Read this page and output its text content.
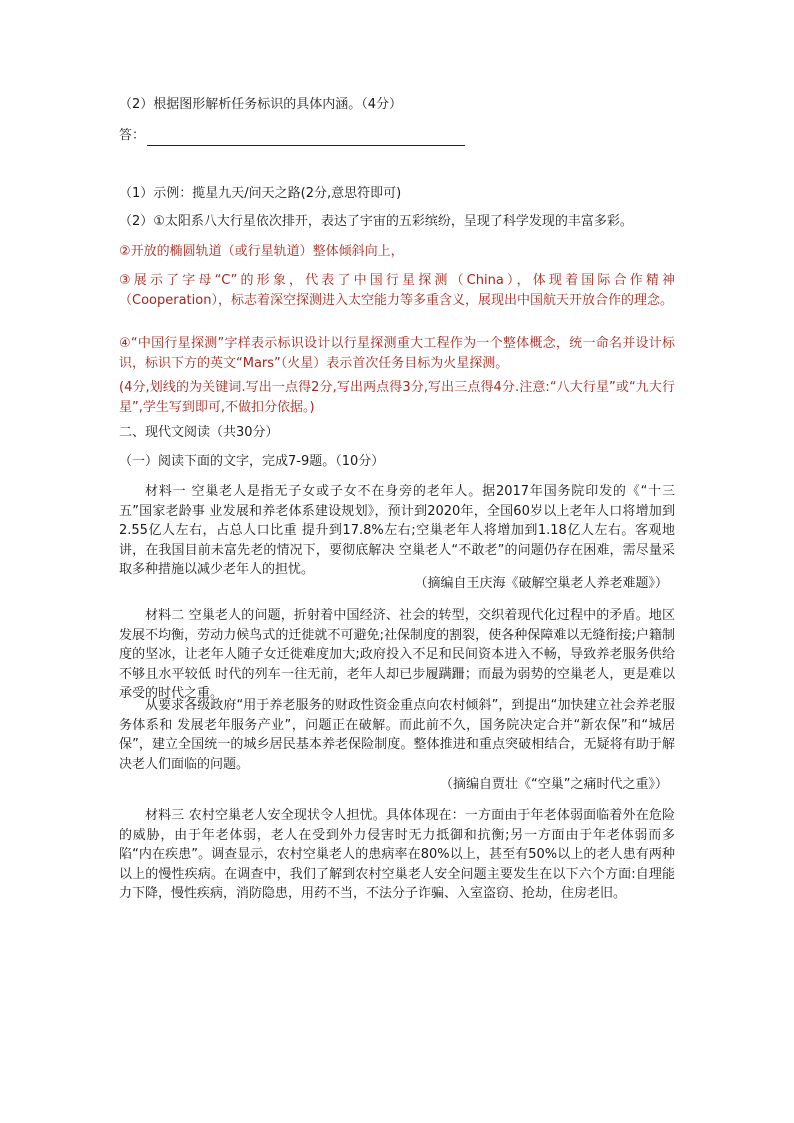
（2）根据图形解析任务标识的具体内涵。（4分）
答：
（1）示例：揽星九天/问天之路(2分,意思符即可)
（2）①太阳系八大行星依次排开，表达了宇宙的五彩缤纷，呈现了科学发现的丰富多彩。
②开放的椭圆轨道（或行星轨道）整体倾斜向上，
③展示了字母“C”的形象，代表了中国行星探测（China），体现着国际合作精神（Cooperation），标志着深空探测进入太空能力等多重含义，展现出中国航天开放合作的理念。
④“中国行星探测”字样表示标识设计以行星探测重大工程作为一个整体概念，统一命名并设计标识，标识下方的英文“Mars”（火星）表示首次任务目标为火星探测。
(4分,划线的为关键词.写出一点得2分,写出两点得3分,写出三点得4分.注意:“八大行星”或“九大行星”,学生写到即可,不做扣分依据。)
二、现代文阅读（共30分）
（一）阅读下面的文字，完成7-9题。（10分）
材料一 空巢老人是指无子女或子女不在身旁的老年人。据2017年国务院印发的《“十三五”国家老龄事 业发展和养老体系建设规划》，预计到2020年，全国60岁以上老年人口将增加到2.55亿人左右，占总人口比重 提升到17.8%左右;空巢老年人将增加到1.18亿人左右。客观地讲，在我国目前未富先老的情况下，要彻底解决 空巢老人“不敢老”的问题仍存在困难，需尽量采取多种措施以减少老年人的担忧。
（摘编自王庆海《破解空巢老人养老难题》）
材料二 空巢老人的问题，折射着中国经济、社会的转型，交织着现代化过程中的矛盾。地区发展不均衡，劳动力候鸟式的迁徙就不可避免;社保制度的割裂，使各种保障难以无缝衔接;户籍制度的坚冰，让老年人随子女迁徙难度加大;政府投入不足和民间资本进入不畅，导致养老服务供给不够且水平较低 时代的列车一往无前，老年人却已步履蹒跚；而最为弱势的空巢老人，更是难以承受的时代之重。
从要求各级政府“用于养老服务的财政性资金重点向农村倾斜”，到提出“加快建立社会养老服务体系和 发展老年服务产业”，问题正在破解。而此前不久，国务院决定合并“新农保”和“城居保”，建立全国统一的城乡居民基本养老保险制度。整体推进和重点突破相结合，无疑将有助于解决老人们面临的问题。
（摘编自贾壮《“空巢”之痛时代之重》）
材料三 农村空巢老人安全现状令人担忧。具体体现在：一方面由于年老体弱面临着外在危险的威胁，由于年老体弱，老人在受到外力侵害时无力抵御和抗衡;另一方面由于年老体弱而多陷“内在疾患”。调查显示，农村空巢老人的患病率在80%以上，甚至有50%以上的老人患有两种以上的慢性疾病。在调查中，我们了解到农村空巢老人安全问题主要发生在以下六个方面:自理能力下降，慢性疾病，消防隐患，用药不当，不法分子诈骗、入室盗窃、抢劫，住房老旧。
